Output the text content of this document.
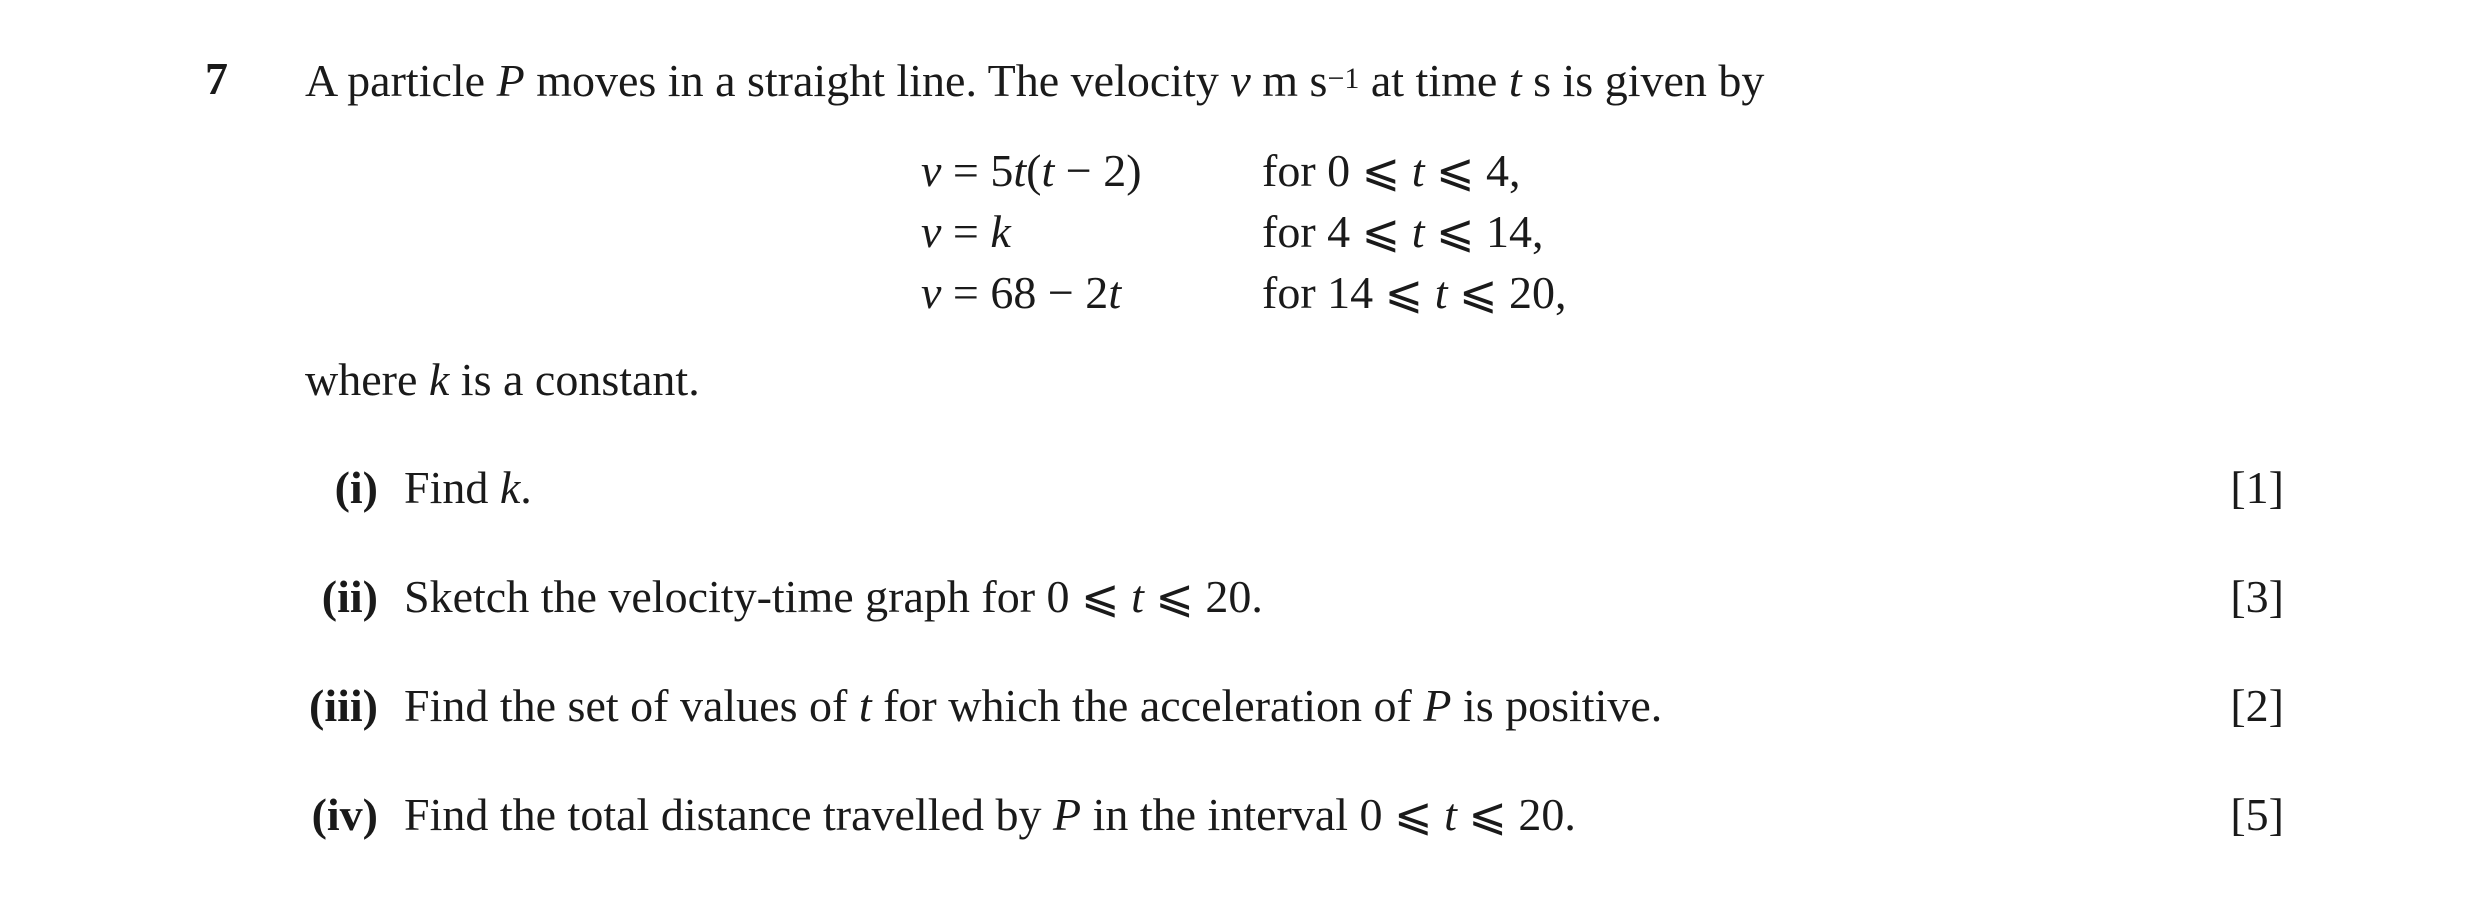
7 A particle P moves in a straight line. The velocity v m $s^{-1}$ at time t s is given by
v = 5t(t − 2)	for 0 ⩽ t ⩽ 4,
v = k	for 4 ⩽ t ⩽ 14,
v = 68 − 2t	for 14 ⩽ t ⩽ 20,
where k is a constant.
(i) Find k.	[1]
(ii) Sketch the velocity-time graph for 0 ⩽ t ⩽ 20.	[3]
(iii) Find the set of values of t for which the acceleration of P is positive.	[2]
(iv) Find the total distance travelled by P in the interval 0 ⩽ t ⩽ 20.	[5]
